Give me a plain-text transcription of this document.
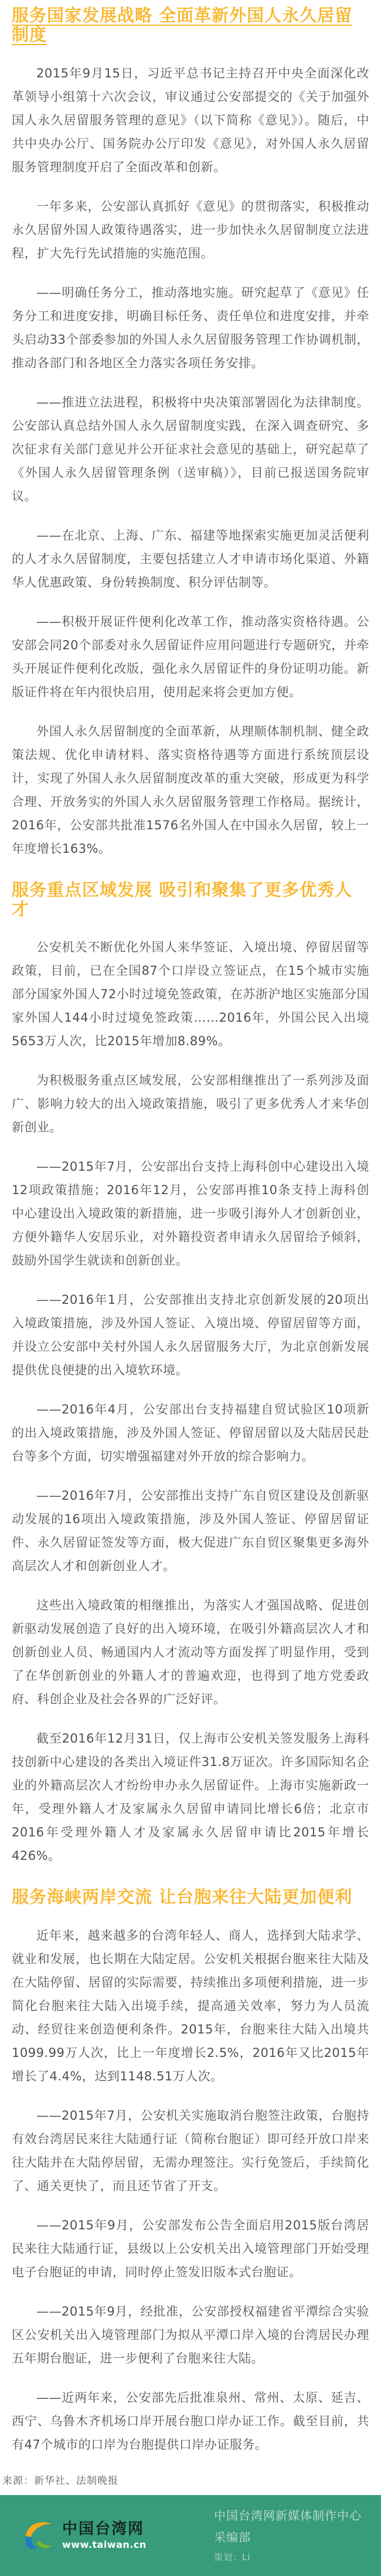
服务国家发展战略 全面革新外国人永久居留制度

2015年9月15日，习近平总书记主持召开中央全面深化改革领导小组第十六次会议，审议通过公安部提交的《关于加强外国人永久居留服务管理的意见》（以下简称《意见》）。随后，中共中央办公厅、国务院办公厅印发《意见》，对外国人永久居留服务管理制度开启了全面改革和创新。

一年多来，公安部认真抓好《意见》的贯彻落实，积极推动永久居留外国人政策待遇落实，进一步加快永久居留制度立法进程，扩大先行先试措施的实施范围。

——明确任务分工，推动落地实施。研究起草了《意见》任务分工和进度安排，明确目标任务、责任单位和进度安排，并牵头启动33个部委参加的外国人永久居留服务管理工作协调机制，推动各部门和各地区全力落实各项任务安排。

——推进立法进程，积极将中央决策部署固化为法律制度。公安部认真总结外国人永久居留制度实践，在深入调查研究、多次征求有关部门意见并公开征求社会意见的基础上，研究起草了《外国人永久居留管理条例（送审稿）》，目前已报送国务院审议。

——在北京、上海、广东、福建等地探索实施更加灵活便利的人才永久居留制度，主要包括建立人才申请市场化渠道、外籍华人优惠政策、身份转换制度、积分评估制等。

——积极开展证件便利化改革工作，推动落实资格待遇。公安部会同20个部委对永久居留证件应用问题进行专题研究，并牵头开展证件便利化改版，强化永久居留证件的身份证明功能。新版证件将在年内很快启用，使用起来将会更加方便。

外国人永久居留制度的全面革新，从理顺体制机制、健全政策法规、优化申请材料、落实资格待遇等方面进行系统顶层设计，实现了外国人永久居留制度改革的重大突破，形成更为科学合理、开放务实的外国人永久居留服务管理工作格局。据统计，2016年，公安部共批准1576名外国人在中国永久居留，较上一年度增长163%。

服务重点区域发展 吸引和聚集了更多优秀人才

公安机关不断优化外国人来华签证、入境出境、停留居留等政策，目前，已在全国87个口岸设立签证点，在15个城市实施部分国家外国人72小时过境免签政策，在苏浙沪地区实施部分国家外国人144小时过境免签政策……2016年，外国公民入出境5653万人次，比2015年增加8.89%。

为积极服务重点区域发展，公安部相继推出了一系列涉及面广、影响力较大的出入境政策措施，吸引了更多优秀人才来华创新创业。

——2015年7月，公安部出台支持上海科创中心建设出入境12项政策措施；2016年12月，公安部再推10条支持上海科创中心建设出入境政策的新措施，进一步吸引海外人才创新创业，方便外籍华人安居乐业，对外籍投资者申请永久居留给予倾斜，鼓励外国学生就读和创新创业。

——2016年1月，公安部推出支持北京创新发展的20项出入境政策措施，涉及外国人签证、入境出境、停留居留等方面，并设立公安部中关村外国人永久居留服务大厅，为北京创新发展提供优良便捷的出入境软环境。

——2016年4月，公安部出台支持福建自贸试验区10项新的出入境政策措施，涉及外国人签证、停留居留以及大陆居民赴台等多个方面，切实增强福建对外开放的综合影响力。

——2016年7月，公安部推出支持广东自贸区建设及创新驱动发展的16项出入境政策措施，涉及外国人签证、停留居留证件、永久居留证签发等方面，极大促进广东自贸区聚集更多海外高层次人才和创新创业人才。

这些出入境政策的相继推出，为落实人才强国战略、促进创新驱动发展创造了良好的出入境环境，在吸引外籍高层次人才和创新创业人员、畅通国内人才流动等方面发挥了明显作用，受到了在华创新创业的外籍人才的普遍欢迎，也得到了地方党委政府、科创企业及社会各界的广泛好评。

截至2016年12月31日，仅上海市公安机关签发服务上海科技创新中心建设的各类出入境证件31.8万证次。许多国际知名企业的外籍高层次人才纷纷申办永久居留证件。上海市实施新政一年，受理外籍人才及家属永久居留申请同比增长6倍；北京市2016年受理外籍人才及家属永久居留申请比2015年增长426%。

服务海峡两岸交流 让台胞来往大陆更加便利

近年来，越来越多的台湾年轻人、商人，选择到大陆求学、就业和发展，也长期在大陆定居。公安机关根据台胞来往大陆及在大陆停留、居留的实际需要，持续推出多项便利措施，进一步简化台胞来往大陆入出境手续，提高通关效率，努力为人员流动、经贸往来创造便利条件。2015年，台胞来往大陆入出境共1099.99万人次，比上一年度增长2.5%，2016年又比2015年增长了4.4%，达到1148.51万人次。

——2015年7月，公安机关实施取消台胞签注政策，台胞持有效台湾居民来往大陆通行证（简称台胞证）即可经开放口岸来往大陆并在大陆停居留，无需办理签注。实行免签后，手续简化了、通关更快了，而且还节省了开支。

——2015年9月，公安部发布公告全面启用2015版台湾居民来往大陆通行证，县级以上公安机关出入境管理部门开始受理电子台胞证的申请，同时停止签发旧版本式台胞证。

——2015年9月，经批准，公安部授权福建省平潭综合实验区公安机关出入境管理部门为拟从平潭口岸入境的台湾居民办理五年期台胞证，进一步便利了台胞来往大陆。

——近两年来，公安部先后批准泉州、常州、太原、延吉、西宁、乌鲁木齐机场口岸开展台胞口岸办证工作。截至目前，共有47个城市的口岸为台胞提供口岸办证服务。

来源：新华社、法制晚报
中国台湾网
www.taiwan.cn
中国台湾网新媒体制作中心
采编部
策划：Li
